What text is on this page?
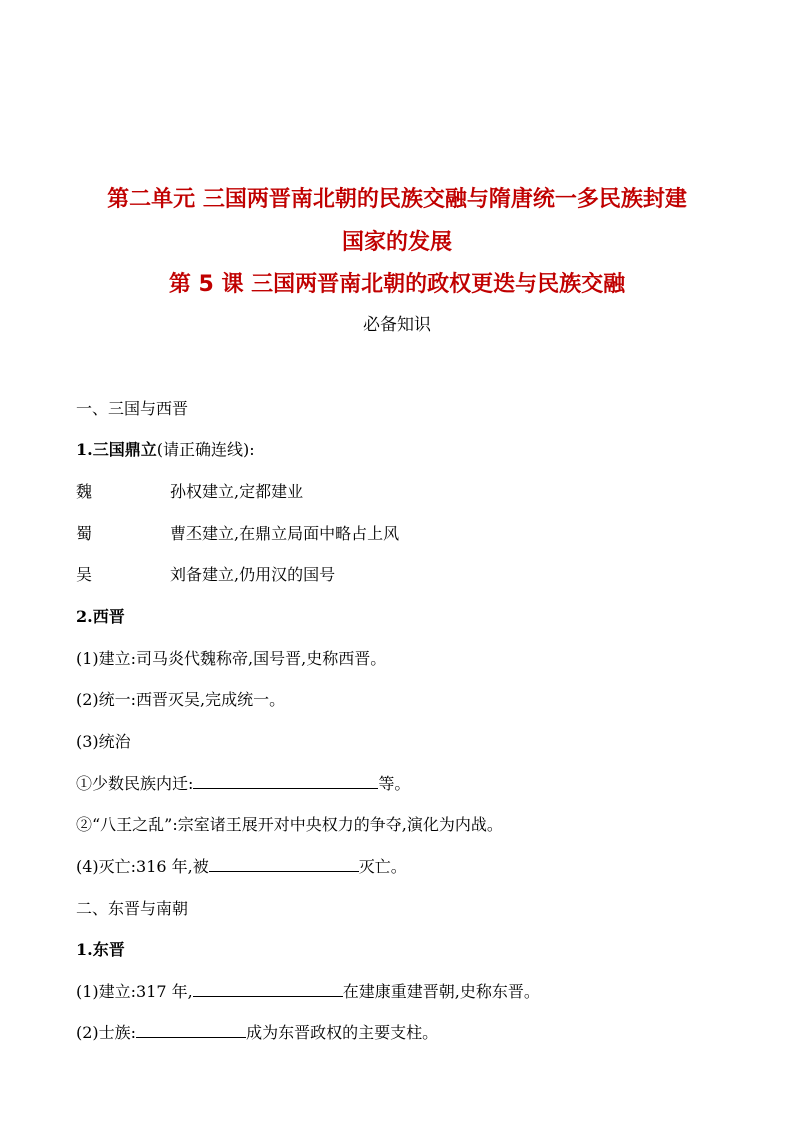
第二单元 三国两晋南北朝的民族交融与隋唐统一多民族封建
国家的发展
第 5 课 三国两晋南北朝的政权更迭与民族交融
必备知识
一、三国与西晋
1.三国鼎立(请正确连线):
魏	孙权建立,定都建业
蜀	曹丕建立,在鼎立局面中略占上风
吴	刘备建立,仍用汉的国号
2.西晋
(1)建立:司马炎代魏称帝,国号晋,史称西晋。
(2)统一:西晋灭吴,完成统一。
(3)统治
①少数民族内迁:	等。
②“八王之乱”:宗室诸王展开对中央权力的争夺,演化为内战。
(4)灭亡:316 年,被	灭亡。
二、东晋与南朝
1.东晋
(1)建立:317 年,	在建康重建晋朝,史称东晋。
(2)士族:	成为东晋政权的主要支柱。
